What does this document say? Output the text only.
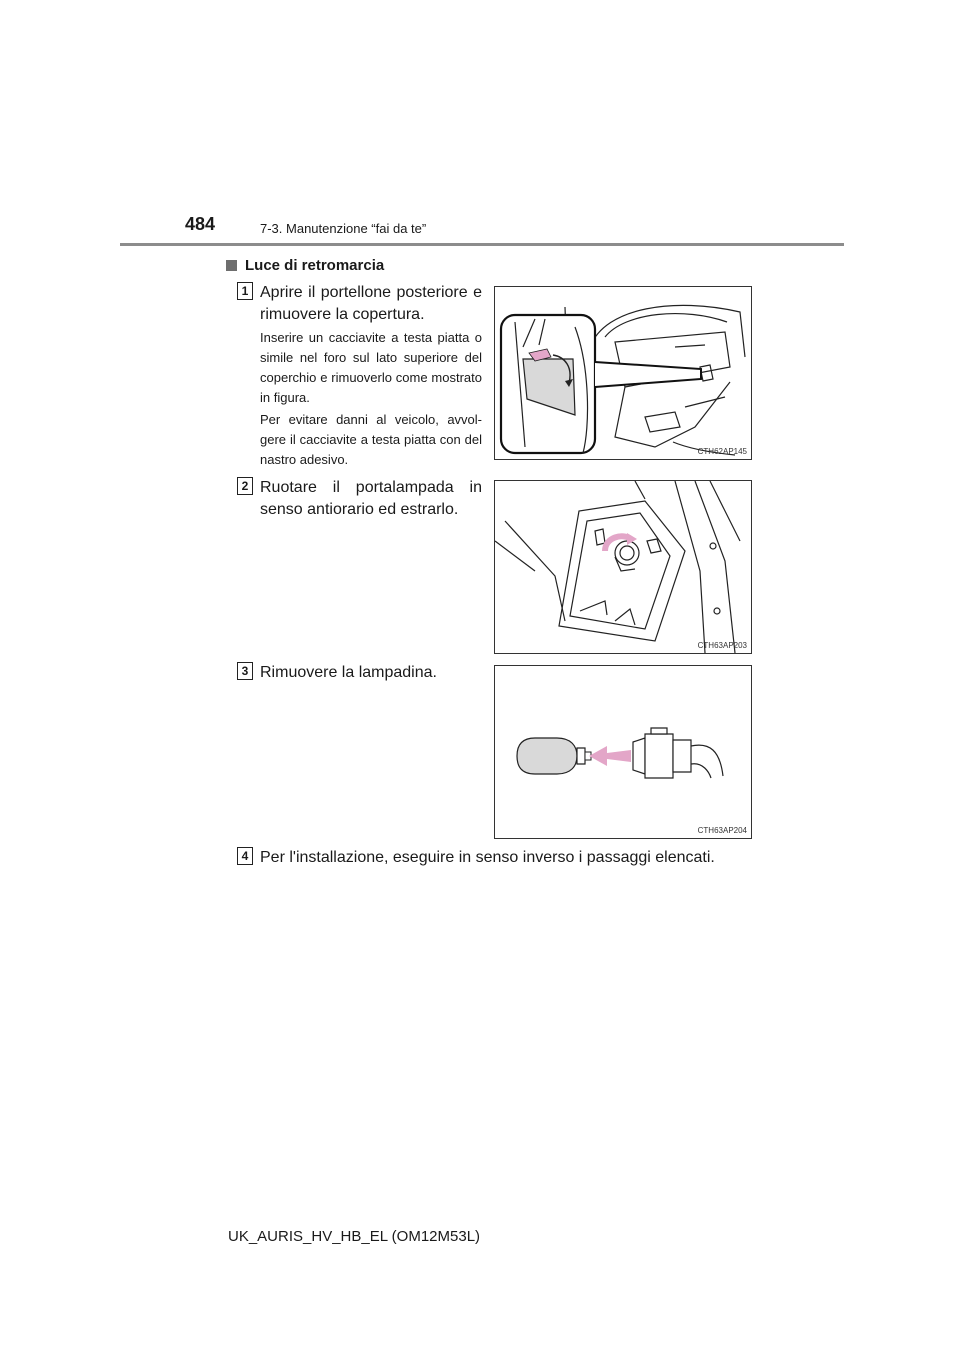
484	7-3. Manutenzione “fai da te”
Luce di retromarcia
1 Aprire il portellone posteriore e rimuovere la copertura.
Inserire un cacciavite a testa piatta o simile nel foro sul lato superiore del coperchio e rimuoverlo come mostrato in figura.
Per evitare danni al veicolo, avvol-gere il cacciavite a testa piatta con del nastro adesivo.
CTH62AP145
2 Ruotare il portalampada in senso antiorario ed estrarlo.
CTH63AP203
3 Rimuovere la lampadina.
CTH63AP204
4 Per l'installazione, eseguire in senso inverso i passaggi elencati.
UK_AURIS_HV_HB_EL (OM12M53L)
